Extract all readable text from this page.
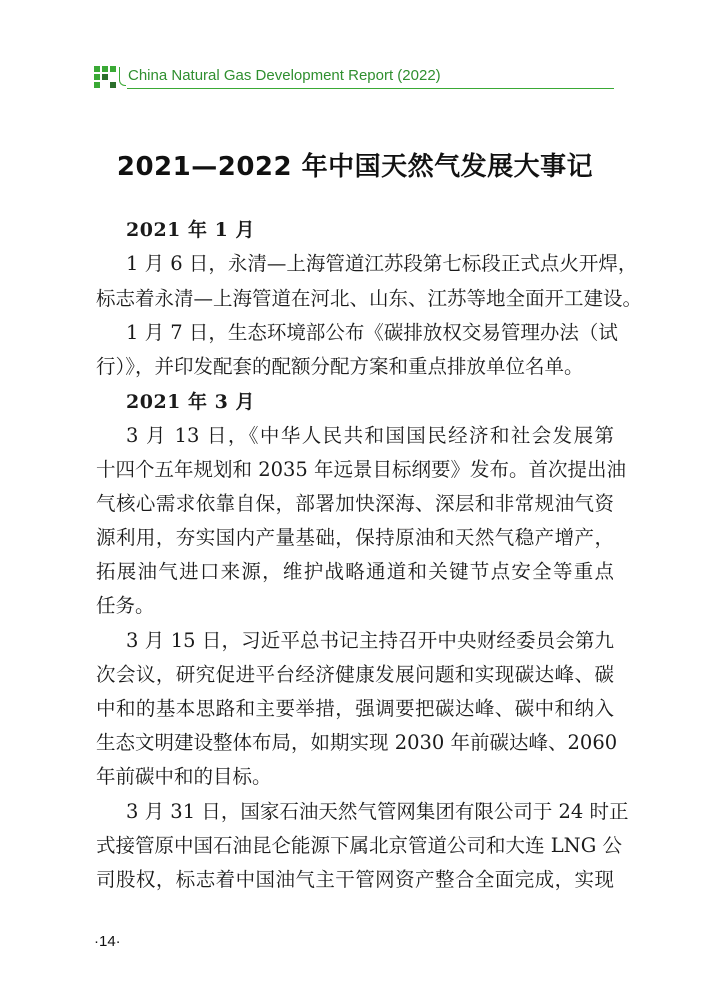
China Natural Gas Development Report (2022)
2021—2022 年中国天然气发展大事记
2021 年 1 月
1 月 6 日，永清—上海管道江苏段第七标段正式点火开焊，
标志着永清—上海管道在河北、山东、江苏等地全面开工建设。
1 月 7 日，生态环境部公布《碳排放权交易管理办法（试
行）》，并印发配套的配额分配方案和重点排放单位名单。
2021 年 3 月
3 月 13 日，《中华人民共和国国民经济和社会发展第
十四个五年规划和 2035 年远景目标纲要》发布。首次提出油
气核心需求依靠自保，部署加快深海、深层和非常规油气资
源利用，夯实国内产量基础，保持原油和天然气稳产增产，
拓展油气进口来源，维护战略通道和关键节点安全等重点
任务。
3 月 15 日，习近平总书记主持召开中央财经委员会第九
次会议，研究促进平台经济健康发展问题和实现碳达峰、碳
中和的基本思路和主要举措，强调要把碳达峰、碳中和纳入
生态文明建设整体布局，如期实现 2030 年前碳达峰、2060
年前碳中和的目标。
3 月 31 日，国家石油天然气管网集团有限公司于 24 时正
式接管原中国石油昆仑能源下属北京管道公司和大连 LNG 公
司股权，标志着中国油气主干管网资产整合全面完成，实现
·14·
